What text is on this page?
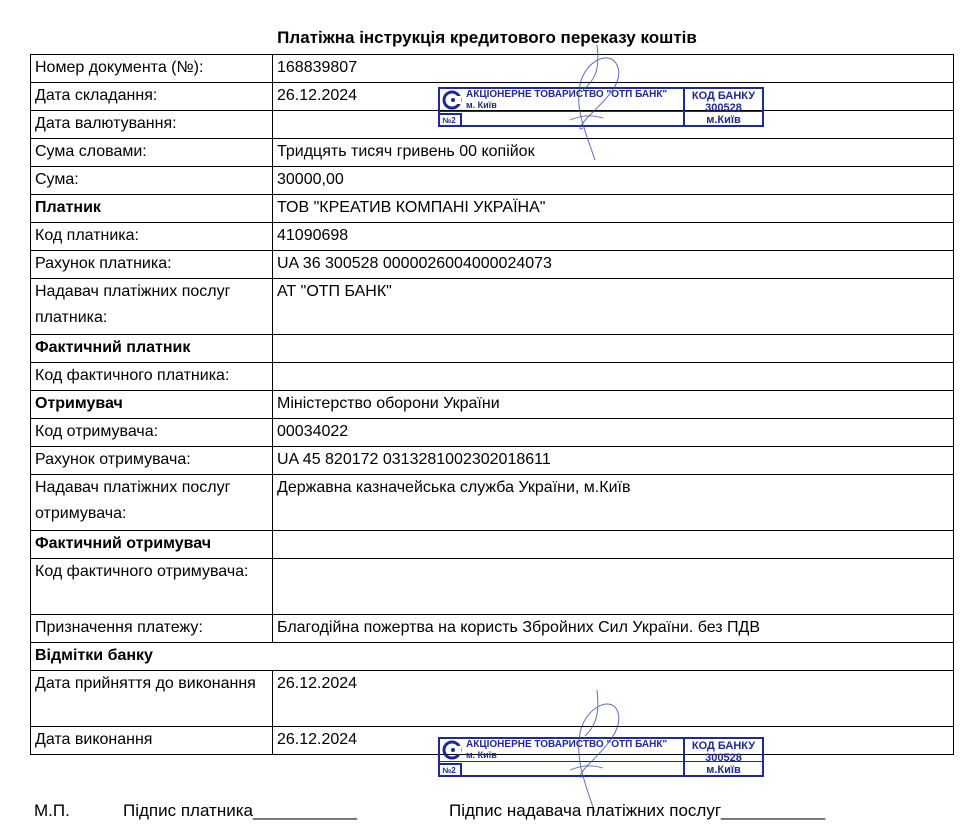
Платіжна інструкція кредитового переказу коштів
Номер документа (№):	168839807
Дата складання:	26.12.2024
Дата валютування:	
Сума словами:	Тридцять тисяч гривень 00 копійок
Сума:	30000,00
Платник	ТОВ "КРЕАТИВ КОМПАНІ УКРАЇНА"
Код платника:	41090698
Рахунок платника:	UA 36 300528 0000026004000024073
Надавач платіжних послуг платника:	АТ "ОТП БАНК"
Фактичний платник	
Код фактичного платника:	
Отримувач	Міністерство оборони України
Код отримувача:	00034022
Рахунок отримувача:	UA 45 820172 0313281002302018611
Надавач платіжних послуг отримувача:	Державна казначейська служба України, м.Київ
Фактичний отримувач	
Код фактичного отримувача:	
Призначення платежу:	Благодійна пожертва на користь Збройних Сил України. без ПДВ
Відмітки банку	
Дата прийняття до виконання	26.12.2024
Дата виконання	26.12.2024
АКЦІОНЕРНЕ ТОВАРИСТВО "ОТП БАНК"
м. Київ
№2
КОД БАНКУ
300528
м.Київ
АКЦІОНЕРНЕ ТОВАРИСТВО "ОТП БАНК"
м. Київ
№2
КОД БАНКУ
300528
м.Київ
М.П.	Підпис платника___________	Підпис надавача платіжних послуг___________
